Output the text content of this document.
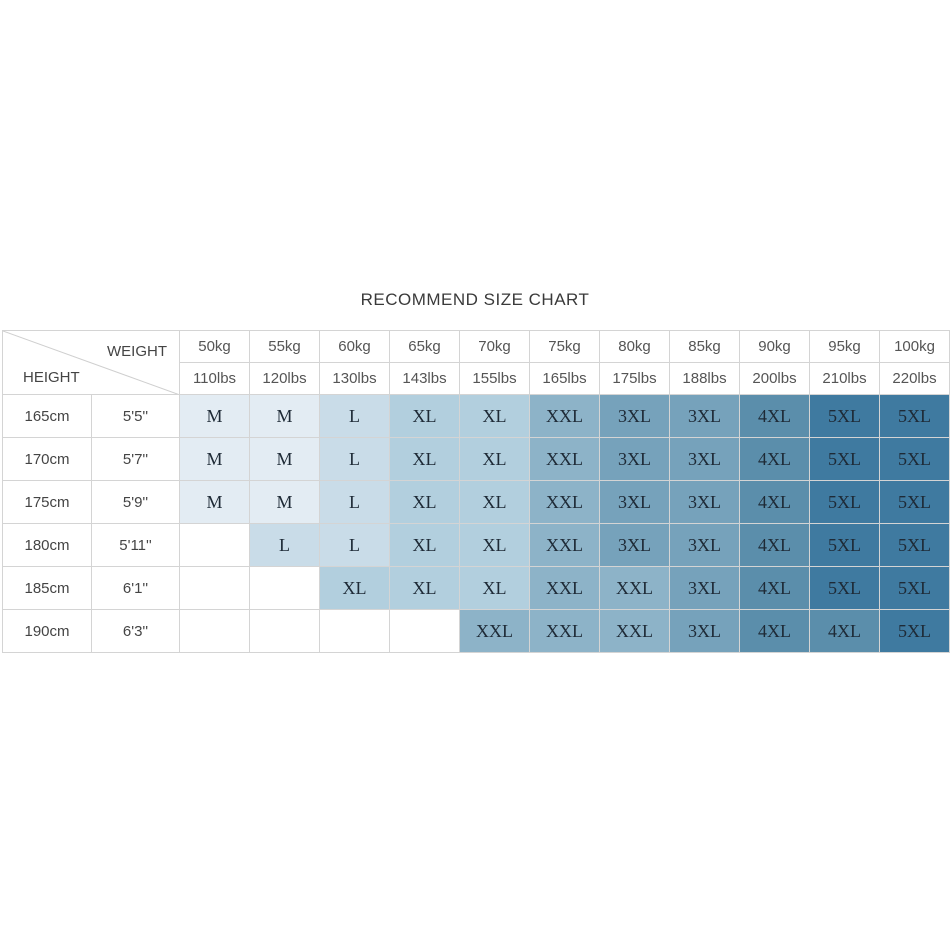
RECOMMEND SIZE CHART
WEIGHT
HEIGHT		50kg	55kg	60kg	65kg	70kg	75kg	80kg	85kg	90kg	95kg	100kg
		110lbs	120lbs	130lbs	143lbs	155lbs	165lbs	175lbs	188lbs	200lbs	210lbs	220lbs
165cm	5'5''	M	M	L	XL	XL	XXL	3XL	3XL	4XL	5XL	5XL
170cm	5'7''	M	M	L	XL	XL	XXL	3XL	3XL	4XL	5XL	5XL
175cm	5'9''	M	M	L	XL	XL	XXL	3XL	3XL	4XL	5XL	5XL
180cm	5'11''		L	L	XL	XL	XXL	3XL	3XL	4XL	5XL	5XL
185cm	6'1''			XL	XL	XL	XXL	XXL	3XL	4XL	5XL	5XL
190cm	6'3''					XXL	XXL	XXL	3XL	4XL	4XL	5XL
